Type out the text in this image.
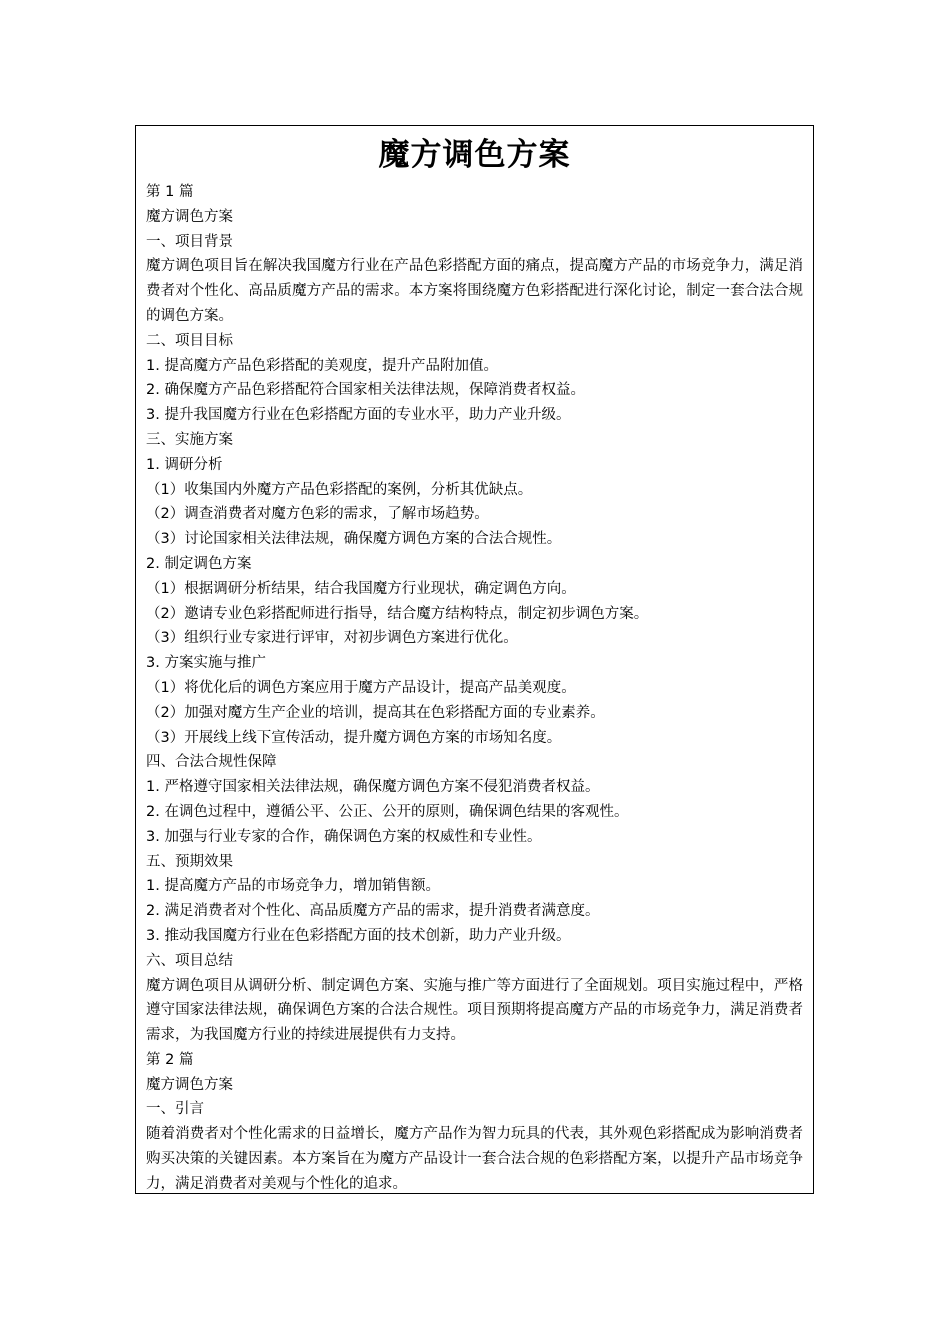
魔方调色方案
第 1 篇
魔方调色方案
一、项目背景
魔方调色项目旨在解决我国魔方行业在产品色彩搭配方面的痛点，提高魔方产品的市场竞争力，满足消费者对个性化、高品质魔方产品的需求。本方案将围绕魔方色彩搭配进行深化讨论，制定一套合法合规的调色方案。
二、项目目标
1. 提高魔方产品色彩搭配的美观度，提升产品附加值。
2. 确保魔方产品色彩搭配符合国家相关法律法规，保障消费者权益。
3. 提升我国魔方行业在色彩搭配方面的专业水平，助力产业升级。
三、实施方案
1. 调研分析
（1）收集国内外魔方产品色彩搭配的案例，分析其优缺点。
（2）调查消费者对魔方色彩的需求，了解市场趋势。
（3）讨论国家相关法律法规，确保魔方调色方案的合法合规性。
2. 制定调色方案
（1）根据调研分析结果，结合我国魔方行业现状，确定调色方向。
（2）邀请专业色彩搭配师进行指导，结合魔方结构特点，制定初步调色方案。
（3）组织行业专家进行评审，对初步调色方案进行优化。
3. 方案实施与推广
（1）将优化后的调色方案应用于魔方产品设计，提高产品美观度。
（2）加强对魔方生产企业的培训，提高其在色彩搭配方面的专业素养。
（3）开展线上线下宣传活动，提升魔方调色方案的市场知名度。
四、合法合规性保障
1. 严格遵守国家相关法律法规，确保魔方调色方案不侵犯消费者权益。
2. 在调色过程中，遵循公平、公正、公开的原则，确保调色结果的客观性。
3. 加强与行业专家的合作，确保调色方案的权威性和专业性。
五、预期效果
1. 提高魔方产品的市场竞争力，增加销售额。
2. 满足消费者对个性化、高品质魔方产品的需求，提升消费者满意度。
3. 推动我国魔方行业在色彩搭配方面的技术创新，助力产业升级。
六、项目总结
魔方调色项目从调研分析、制定调色方案、实施与推广等方面进行了全面规划。项目实施过程中，严格遵守国家法律法规，确保调色方案的合法合规性。项目预期将提高魔方产品的市场竞争力，满足消费者需求，为我国魔方行业的持续进展提供有力支持。
第 2 篇
魔方调色方案
一、引言
随着消费者对个性化需求的日益增长，魔方产品作为智力玩具的代表，其外观色彩搭配成为影响消费者购买决策的关键因素。本方案旨在为魔方产品设计一套合法合规的色彩搭配方案，以提升产品市场竞争力，满足消费者对美观与个性化的追求。
